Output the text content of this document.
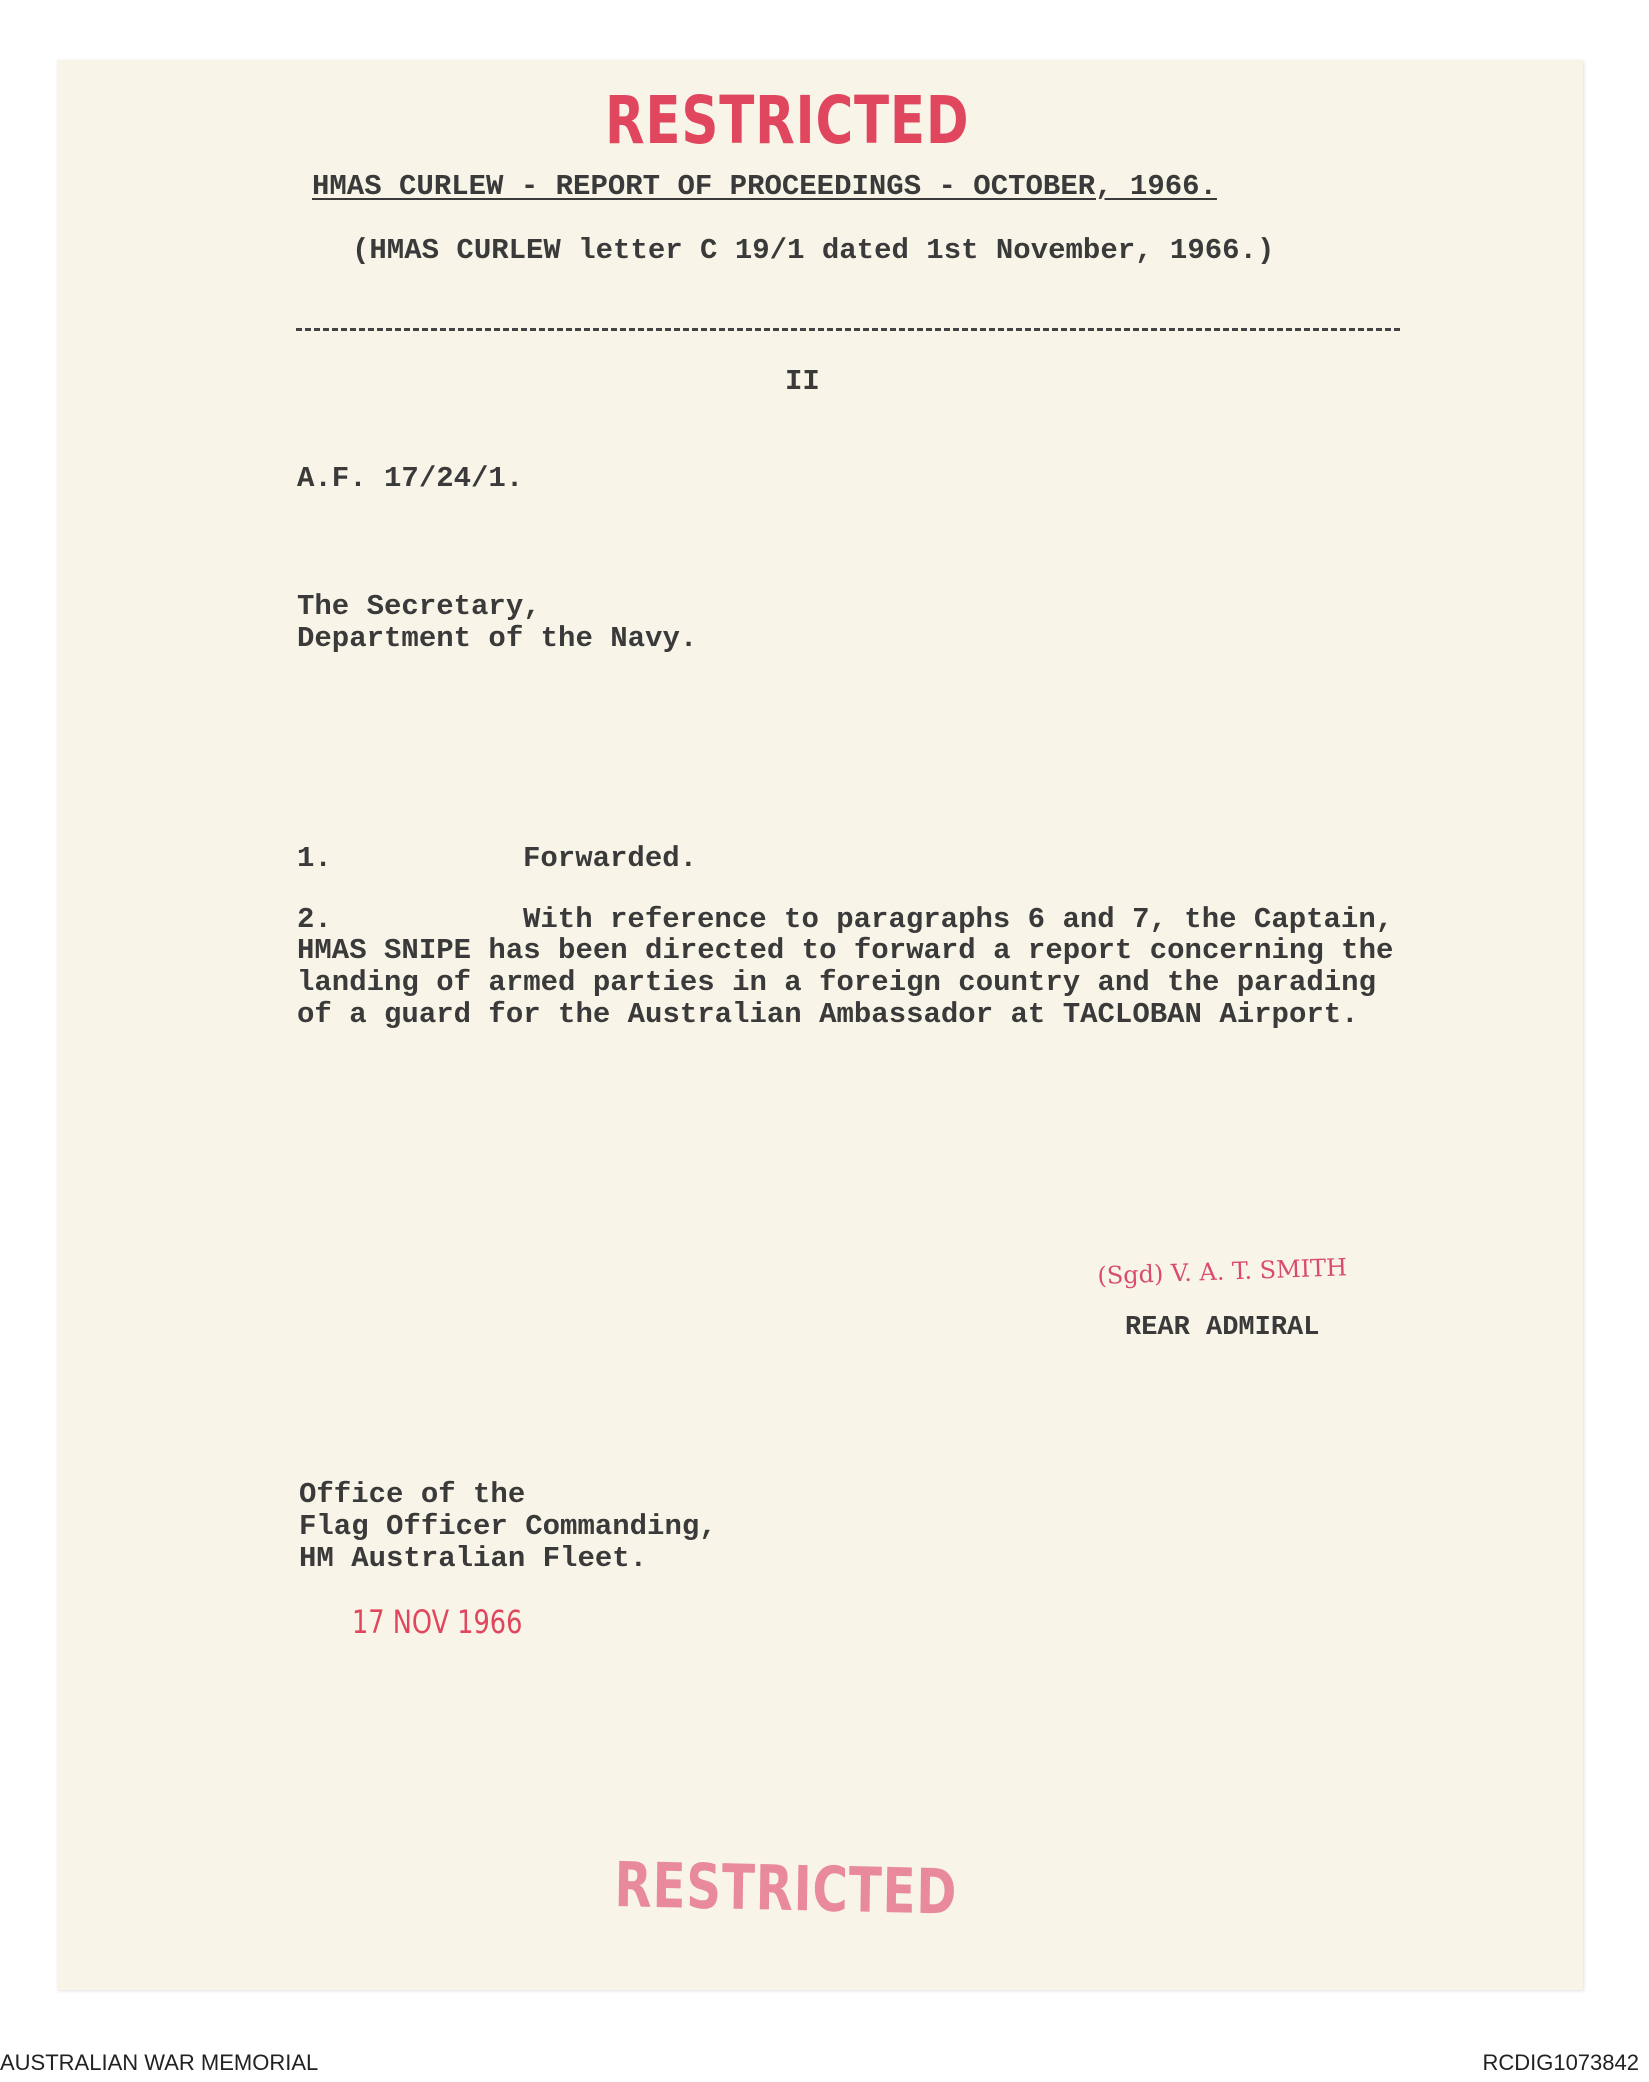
RESTRICTED
HMAS CURLEW - REPORT OF PROCEEDINGS - OCTOBER, 1966.
(HMAS CURLEW letter C 19/1 dated 1st November, 1966.)
II
A.F. 17/24/1.
The Secretary,
Department of the Navy.
1.	Forwarded.
2.	With reference to paragraphs 6 and 7, the Captain,
HMAS SNIPE has been directed to forward a report concerning the
landing of armed parties in a foreign country and the parading
of a guard for the Australian Ambassador at TACLOBAN Airport.
(Sgd) V. A. T. SMITH
REAR ADMIRAL
Office of the
Flag Officer Commanding,
HM Australian Fleet.
17 NOV 1966
RESTRICTED
AUSTRALIAN WAR MEMORIAL	RCDIG1073842
